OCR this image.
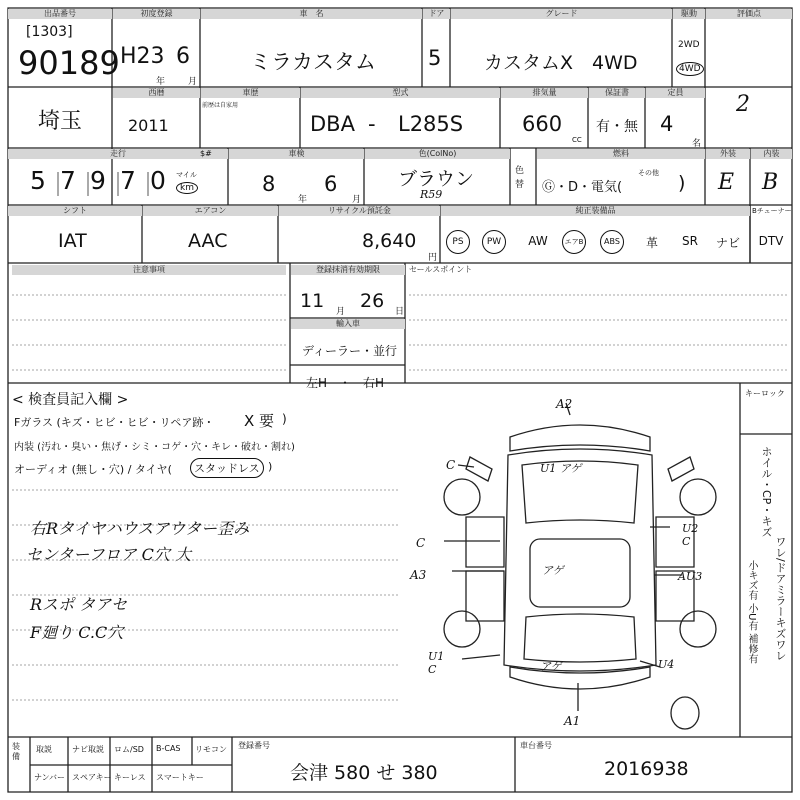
出品番号
[1303]
90189
初度登録
H23 6
年	月
車　名
ミラカスタム
ドア
5
グレード
カスタムX　4WD
駆動
2WD
4WD
評価点
2
埼玉
西暦
2011
車歴
前歴は自家用
型式
DBA - L285S
排気量
660
CC
保証書
有・無
定員
4
名
走行
5 7 9 7 0 マイル
km
車検
$#
8 6
年	月
色(ColNo)
ブラウン
R59
色替
燃料
Ⓖ・D・電気(
その他 )
外装
E
内装
B
シフト
IAT
エアコン
AAC
リサイクル預託金
8,640
円
純正装備品	Bチューナー
PS	PW	AW	エアB	ABS	革	SR	ナビ	DTV
注意事項	登録抹消有効期限
11 月 26 日
輸入車
ディーラー・並行
左H　・　右H
セールスポイント
< 検査員記入欄 >
Fガラス (キズ・ヒビ・ヒビ・リペア跡・ X 要 )
内装 (汚れ・臭い・焦げ・シミ・コゲ・穴・キレ・破れ・割れ)
オーディオ (無し・穴) / タイヤ(	スタッドレス )
右Rタイヤハウスアウター歪み
センターフロア C穴 大
Rスポ タアセ
F廻り C.C穴
A2
U1 アゲ
C
C
A3	アゲ
U2 C
AU3
U1 C	アゲ	U4
A1
キーロック
ホイル・CP・キズ
ワレ/ドアミラーキズワレ
小キズ有 小U有 補修有
装備
取説	ナビ取説 ロム/SD B-CAS リモコン
ナンバー スペアキー キーレス スマートキー
登録番号
会津 580 せ 380
車台番号
2016938
